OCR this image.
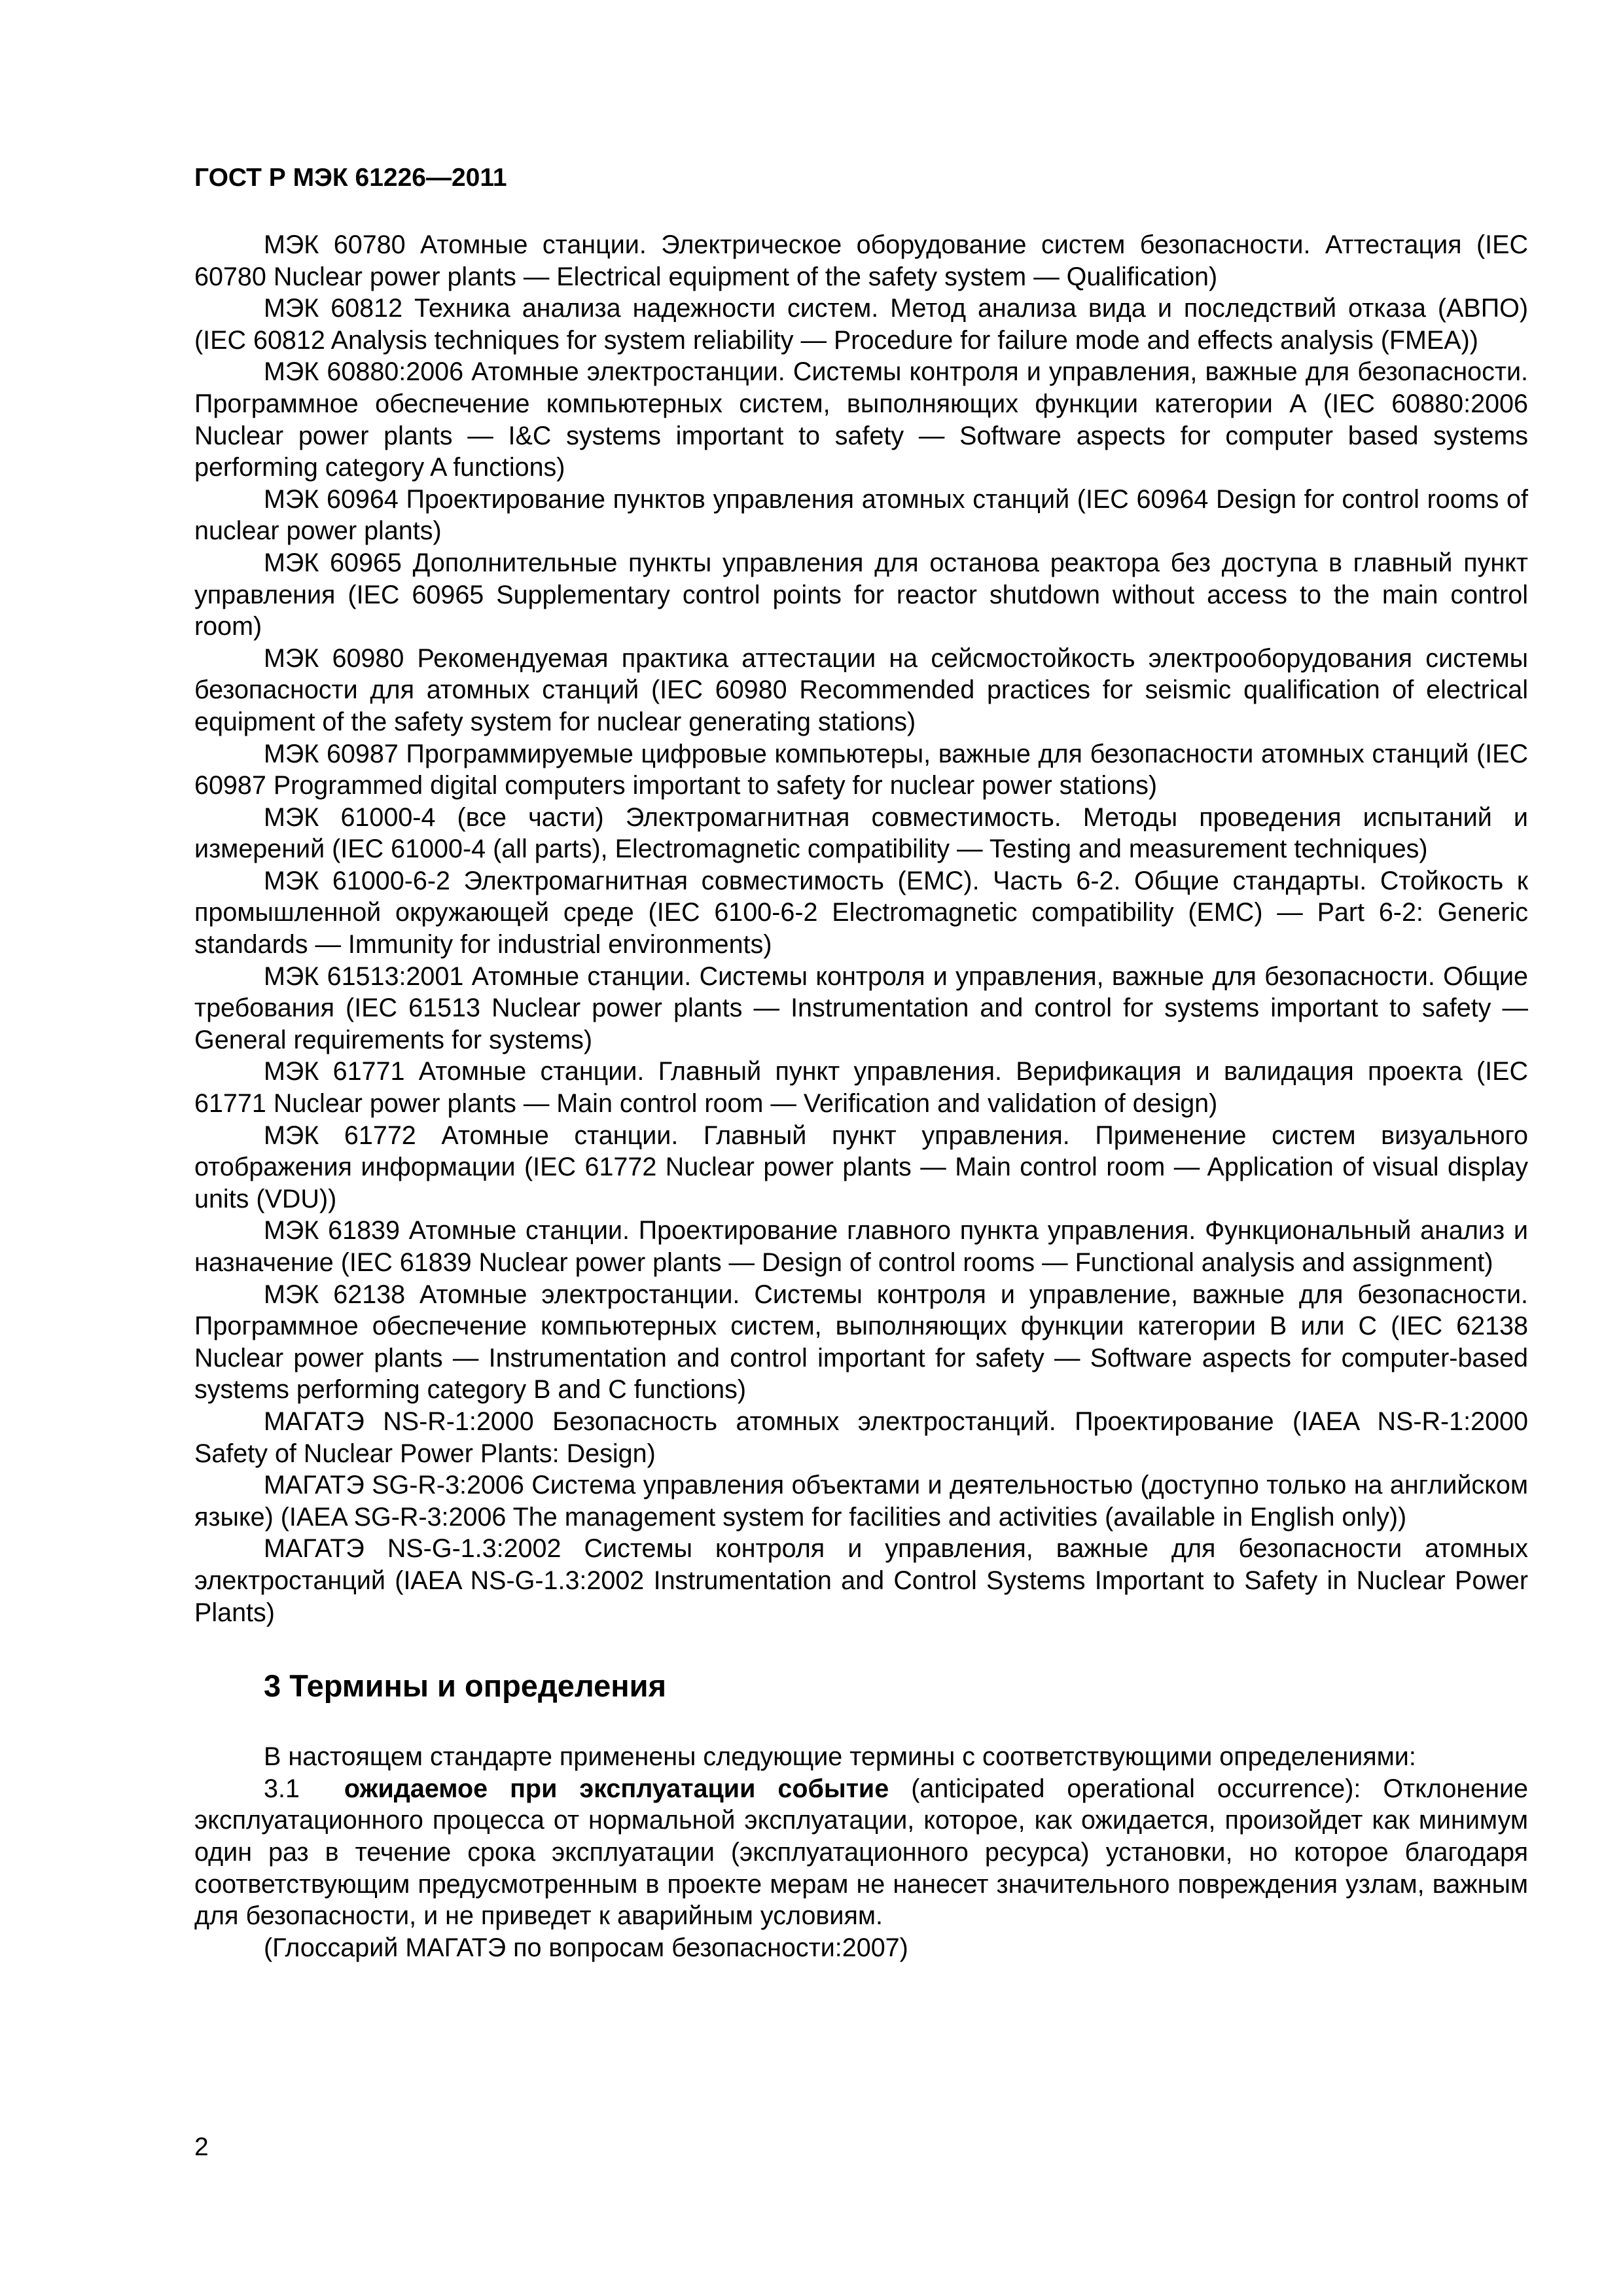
ГОСТ Р МЭК 61226—2011

МЭК 60780 Атомные станции. Электрическое оборудование систем безопасности. Аттестация (IEC 60780 Nuclear power plants — Electrical equipment of the safety system — Qualification)

МЭК 60812 Техника анализа надежности систем. Метод анализа вида и последствий отказа (АВПО) (IEC 60812 Analysis techniques for system reliability — Procedure for failure mode and effects analysis (FMEA))

МЭК 60880:2006 Атомные электростанции. Системы контроля и управления, важные для безопасности. Программное обеспечение компьютерных систем, выполняющих функции категории А (IEC 60880:2006 Nuclear power plants — I&C systems important to safety — Software aspects for computer based systems performing category A functions)

МЭК 60964 Проектирование пунктов управления атомных станций (IEC 60964 Design for control rooms of nuclear power plants)

МЭК 60965 Дополнительные пункты управления для останова реактора без доступа в главный пункт управления (IEC 60965 Supplementary control points for reactor shutdown without access to the main control room)

МЭК 60980 Рекомендуемая практика аттестации на сейсмостойкость электрооборудования системы безопасности для атомных станций (IEC 60980 Recommended practices for seismic qualification of electrical equipment of the safety system for nuclear generating stations)

МЭК 60987 Программируемые цифровые компьютеры, важные для безопасности атомных станций (IEC 60987 Programmed digital computers important to safety for nuclear power stations)

МЭК 61000-4 (все части) Электромагнитная совместимость. Методы проведения испытаний и измерений (IEC 61000-4 (all parts), Electromagnetic compatibility — Testing and measurement techniques)

МЭК 61000-6-2 Электромагнитная совместимость (ЕМС). Часть 6-2. Общие стандарты. Стойкость к промышленной окружающей среде (IEC 6100-6-2 Electromagnetic compatibility (EMC) — Part 6-2: Generic standards — Immunity for industrial environments)

МЭК 61513:2001 Атомные станции. Системы контроля и управления, важные для безопасности. Общие требования (IEC 61513 Nuclear power plants — Instrumentation and control for systems important to safety — General requirements for systems)

МЭК 61771 Атомные станции. Главный пункт управления. Верификация и валидация проекта (IEC 61771 Nuclear power plants — Main control room — Verification and validation of design)

МЭК 61772 Атомные станции. Главный пункт управления. Применение систем визуального отображения информации (IEC 61772 Nuclear power plants — Main control room — Application of visual display units (VDU))

МЭК 61839 Атомные станции. Проектирование главного пункта управления. Функциональный анализ и назначение (IEC 61839 Nuclear power plants — Design of control rooms — Functional analysis and assignment)

МЭК 62138 Атомные электростанции. Системы контроля и управление, важные для безопасности. Программное обеспечение компьютерных систем, выполняющих функции категории В или С (IEC 62138 Nuclear power plants — Instrumentation and control important for safety — Software aspects for computer-based systems performing category B and C functions)

МАГАТЭ NS-R-1:2000 Безопасность атомных электростанций. Проектирование (IAEA NS-R-1:2000 Safety of Nuclear Power Plants: Design)

МАГАТЭ SG-R-3:2006 Система управления объектами и деятельностью (доступно только на английском языке) (IAEA SG-R-3:2006 The management system for facilities and activities (available in English only))

МАГАТЭ NS-G-1.3:2002 Системы контроля и управления, важные для безопасности атомных электростанций (IAEA NS-G-1.3:2002 Instrumentation and Control Systems Important to Safety in Nuclear Power Plants)

3 Термины и определения

В настоящем стандарте применены следующие термины с соответствующими определениями:

3.1 ожидаемое при эксплуатации событие (anticipated operational occurrence): Отклонение эксплуатационного процесса от нормальной эксплуатации, которое, как ожидается, произойдет как минимум один раз в течение срока эксплуатации (эксплуатационного ресурса) установки, но которое благодаря соответствующим предусмотренным в проекте мерам не нанесет значительного повреждения узлам, важным для безопасности, и не приведет к аварийным условиям.

(Глоссарий МАГАТЭ по вопросам безопасности:2007)

2
